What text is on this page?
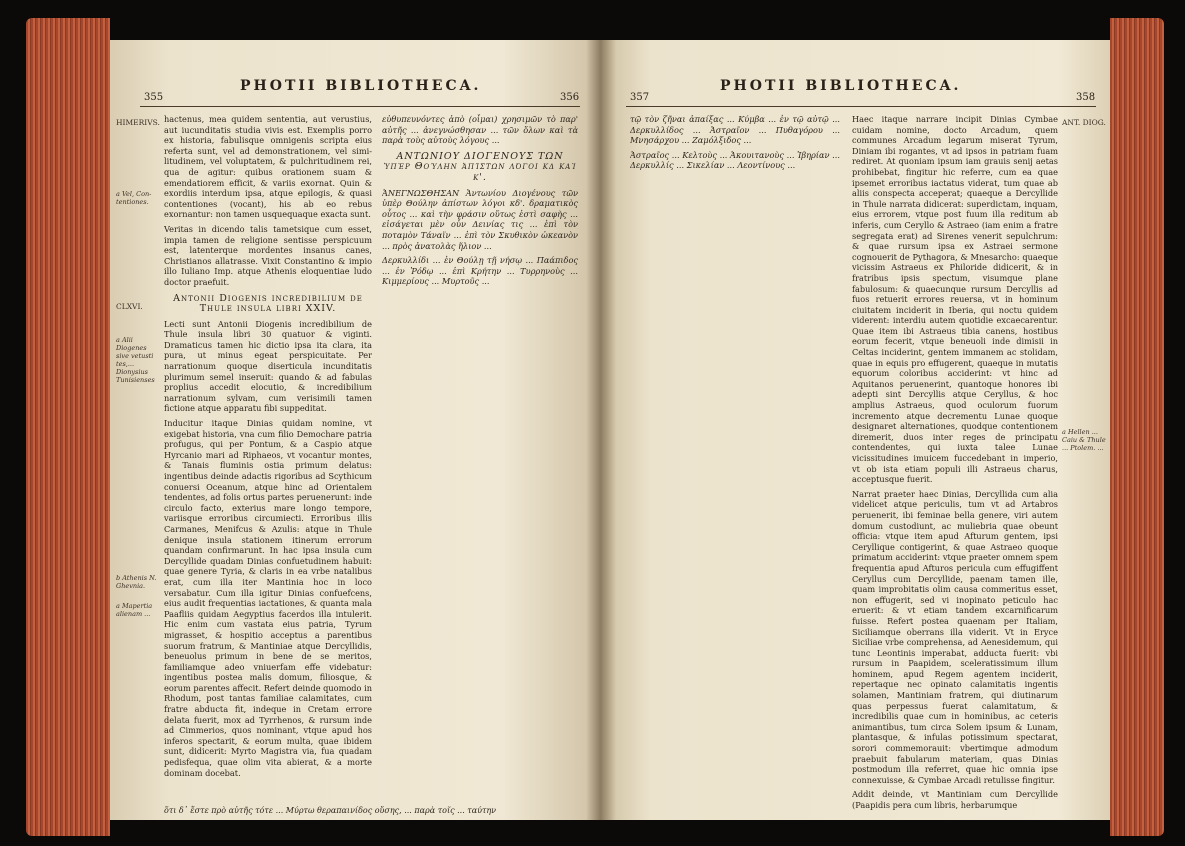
355
PHOTII BIBLIOTHECA.
356
HIMERIVS.
a Vel, Con-tentiones.
CLXVI.
a Alii Diogenes sive vetusti tes,... Dionysius Tunisienses
b Athenis N. Ghevnia.
a Mapertia alienam ...

hactenus, mea quidem sententia, aut verustius, aut iucunditatis studia vivis est. Exemplis porro ex historia, fabulisque omnigenis scripta eius referta sunt, vel ad demonstrationem, vel simi-litudinem, vel voluptatem, & pulchritudinem rei, qua de agitur: quibus orationem suam & emendatiorem efficit, & variis exornat. Quin & exordiis interdum ipsa, atque epilogis, & quasi contentiones (vocant), his ab eo rebus exornantur: non tamen usquequaque exacta sunt.

Veritas in dicendo talis tametsique cum esset, impia tamen de religione sentisse perspicuum est, latenterque mordentes insanus canes, Christianos allatrasse. Vixit Constantino & impio illo Iuliano Imp. atque Athenis eloquentiae ludo doctor praefuit.

Antonii Diogenis incredibilium de Thule insula libri XXIV.

Lecti sunt Antonii Diogenis incredibilium de Thule insula libri 30 quatuor & viginti. Dramaticus tamen hic dictio ipsa ita clara, ita pura, ut minus egeat perspicuitate. Per narrationum quoque diserticula incunditatis plurimum semel inseruit: quando & ad fabulas proplius accedit elocutio, & incredibilium narrationum sylvam, cum verisimili tamen fictione atque apparatu fibi suppeditat.

Inducitur itaque Dinias quidam nomine, vt exigebat historia, vna cum filio Democharе patria profugus, qui per Pontum, & a Caspio atque Hyrcanio mari ad Riphaeos, vt vocantur montes, & Tanais fluminis ostia primum delatus: ingentibus deinde adactis rigoribus ad Scythicum conuersi Oceanum, atque hinc ad Orientalem tendentes, ad folis ortus partes peruenerunt: inde circulo facto, exterius mare longo tempore, variisque erroribus circumiecti. Erroribus illis Carmanes, Menifcus & Azulis: atque in Thule denique insula stationem itinerum errorum quandam confirmarunt. In hac ipsa insula cum Dercyllide quadam Dinias confuetudinem habuit: quae genere Tyria, & claris in ea vrbe natalibus erat, cum illa iter Mantinia hoc in loco versabatur. Cum illa igitur Dinias confuefcens, eius audit frequentias iactationes, & quanta mala Paafliis quidam Aegyptius facerdos illa intulerit. Hic enim cum vastata eius patria, Tyrum migrasset, & hospitio acceptus a parentibus suorum fratrum, & Mantiniae atque Dercyllidis, beneuolus primum in bene de se meritos, familiamque adeo vniuerfam effe videbatur: ingentibus postea malis domum, filiosque, & eorum parentes affecit. Refert deinde quomodo in Rhodum, post tantas familiae calamitates, cum fratre abducta fit, indeque in Cretam errore delata fuerit, mox ad Tyrrhenos, & rursum inde ad Cimmerios, quos nominant, vtque apud hos inferos spectarit, & eorum multa, quae ibidem sunt, didicerit: Myrto Magistra via, fua quadam pedisfequa, quae olim vita abierat, & a morte dominam docebat.

εὐθυπευνόντες ἀπὸ (οἶμαι) χρησιμῶν τὸ παρ' αὐτῆς ... ἀνεγνώσθησαν ... τῶν ὅλων καὶ τὰ παρὰ τοὺς αὐτοὺς λόγους ...

ΑΝΤΩΝΙΟΥ ΔΙΟΓΕΝΟΥΣ ΤΩΝ ὑπὲρ Θούλην ἀπίστων λόγοι κδ καὶ κ'.

ἈΝΕΓΝΩΣΘΗΣΑΝ Ἀντωνίου Διογένους τῶν ὑπὲρ Θούλην ἀπίστων λόγοι κδ'. δραματικὸς οὗτος ... καὶ τὴν φράσιν οὕτως ἐστὶ σαφὴς ... εἰσάγεται μὲν οὖν Δεινίας τις ... ἐπὶ τὸν ποταμὸν Τάναϊν ... ἐπὶ τὸν Σκυθικὸν ὠκεανὸν ... πρὸς ἀνατολὰς ἥλιον ...

Δερκυλλίδι ... ἐν Θούλῃ τῇ νήσῳ ... Παάπιδος ... ἐν Ῥόδῳ ... ἐπὶ Κρήτην ... Τυρρηνοὺς ... Κιμμερίους ... Μυρτοῦς ...

ὅτι δ᾽ ἕστε πρὸ αὐτῆς τότε ... Μύρτω θεραπαινίδος οὔσης, ... παρὰ τοῖς ... ταύτην
357
PHOTII BIBLIOTHECA.
358

τῷ τὸν ζῆναι ἀπαίξας ... Κύμβα ... ἐν τῷ αὐτῷ ... Δερκυλλίδος ... Ἀστραῖον ... Πυθαγόρου ... Μνησάρχου ... Ζαμόλξιδος ...

Ἀστραῖος ... Κελτοὺς ... Ἀκουιτανοὺς ... Ἰβηρίαν ... Δερκυλλίς ... Σικελίαν ... Λεοντίνους ...

Haec itaque narrare incipit Dinias Cymbae cuidam nomine, docto Arcadum, quem communes Arcadum legarum miserat Tyrum, Diniam ibi rogantes, vt ad ipsos in patriam fuam rediret. At quoniam ipsum iam grauis senij aetas prohibebat, fingitur hic referre, cum ea quae ipsemet erroribus iactatus viderat, tum quae ab aliis conspecta acceperat; quaeque a Dercyllide in Thule narrata didicerat: superdictam, inquam, eius errorem, vtque post fuum illa reditum ab inferis, cum Ceryllo & Astraeo (iam enim a fratre segregata erat) ad Sirenes venerit sepulchrum: & quae rursum ipsa ex Astraei sermone cognouerit de Pythagora, & Mnesarcho: quaeque vicissim Astraeus ex Philoride didicerit, & in fratribus ipsis spectum, visumque plane fabulosum: & quaecunque rursum Dercyllis ad fuos retuerit errores reuersa, vt in hominum ciuitatem inciderit in Iberia, qui noctu quidem viderent: interdiu autem quotidie excaecarentur. Quae item ibi Astraeus tibia canens, hostibus eorum fecerit, vtque beneuoli inde dimisii in Celtas inciderint, gentem immanem ac stolidam, quae in equis pro effugerent, quaeque in mutatis equorum coloribus acciderint: vt hinc ad Aquitanos peruenerint, quantoque honores ibi adepti sint Dercyllis atque Ceryllus, & hoc amplius Astraeus, quod oculorum fuorum incremento atque decrementu Lunae quoque designaret alternationes, quodque contentionem diremerit, duos inter reges de principatu contendentes, qui iuxta talee Lunae vicissitudines imuicem fuccedebant in imperio, vt ob ista etiam populi illi Astraeus charus, acceptusque fuerit.

Narrat praeter haec Dinias, Dercyllida cum alia videlicet atque periculis, tum vt ad Artabros peruenerit, ibi feminae bella genere, viri autem domum custodiunt, ac muliebria quae obeunt officia: vtque item apud Afturum gentem, ipsi Ceryllique contigerint, & quae Astraeo quoque primatum acciderint: vtque praeter omnem spem frequentia apud Afturos pericula cum effugiffent Ceryllus cum Dercyllide, paenam tamen ille, quam improbitatis olim causa commeritus esset, non effugerit, sed vi inopinato peticulo hac eruerit: & vt etiam tandem excarnificarum fuisse. Refert postea quaenam per Italiam, Siciliamque oberrans illa viderit. Vt in Eryce Siciliae vrbe comprehensa, ad Aenesidemum, qui tunc Leontinis imperabat, adducta fuerit: vbi rursum in Paapidem, sceleratissimum illum hominem, apud Regem agentem inciderit, repertaque nec opinato calamitatis ingentis solamen, Mantiniam fratrem, qui diutinarum quas perpessus fuerat calamitatum, & incredibilis quae cum in hominibus, ac ceteris animantibus, tum circa Solem ipsum & Lunam, plantasque, & infulas potissimum spectarat, sorori commemorauit: vbertimque admodum praebuit fabularum materiam, quas Dinias postmodum illa referret, quae hic omnia ipse connexuisse, & Cymbae Arcadi retulisse fingitur.

Addit deinde, vt Mantiniam cum Dercyllide (Paapidis pera cum libris, herbarumque

ANT. DIOG.
a Hellen ... Caiu & Thule ... Ptolem. ...
